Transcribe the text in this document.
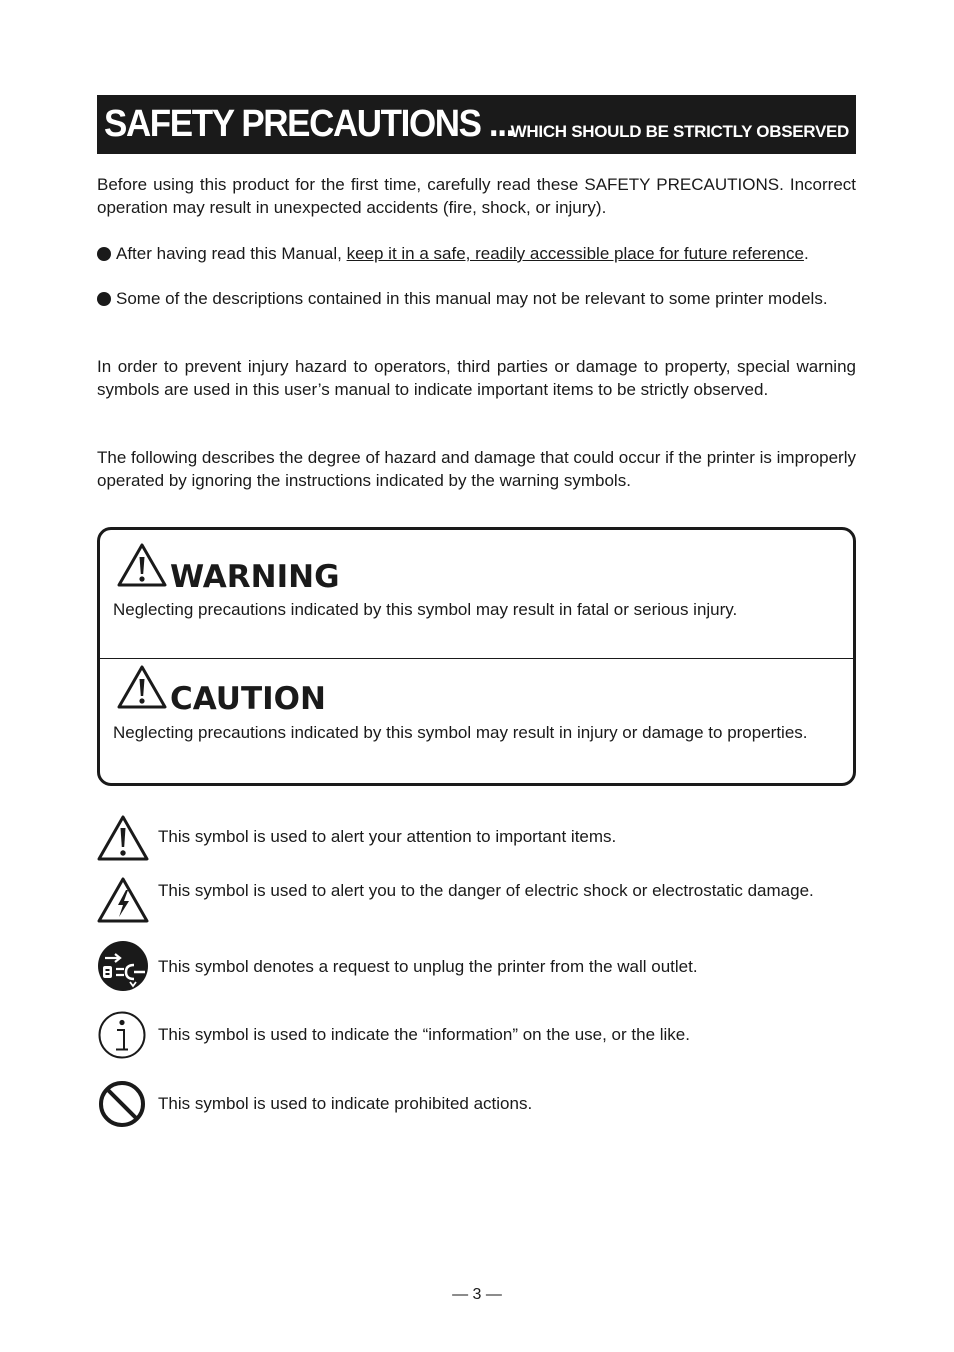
SAFETY PRECAUTIONS ...
WHICH SHOULD BE STRICTLY OBSERVED

Before using this product for the first time, carefully read these SAFETY PRECAUTIONS. Incorrect operation may result in unexpected accidents (fire, shock, or injury).

After having read this Manual, keep it in a safe, readily accessible place for future reference.

Some of the descriptions contained in this manual may not be relevant to some printer models.

In order to prevent injury hazard to operators, third parties or damage to property, special warning symbols are used in this user’s manual to indicate important items to be strictly observed.

The following describes the degree of hazard and damage that could occur if the printer is improperly operated by ignoring the instructions indicated by the warning symbols.

WARNING

Neglecting precautions indicated by this symbol may result in fatal or serious injury.

CAUTION

Neglecting precautions indicated by this symbol may result in injury or damage to properties.

This symbol is used to alert your attention to important items.

This symbol is used to alert you to the danger of electric shock or electrostatic damage.

This symbol denotes a request to unplug the printer from the wall outlet.

This symbol is used to indicate the “information” on the use, or the like.

This symbol is used to indicate prohibited actions.

— 3 —
